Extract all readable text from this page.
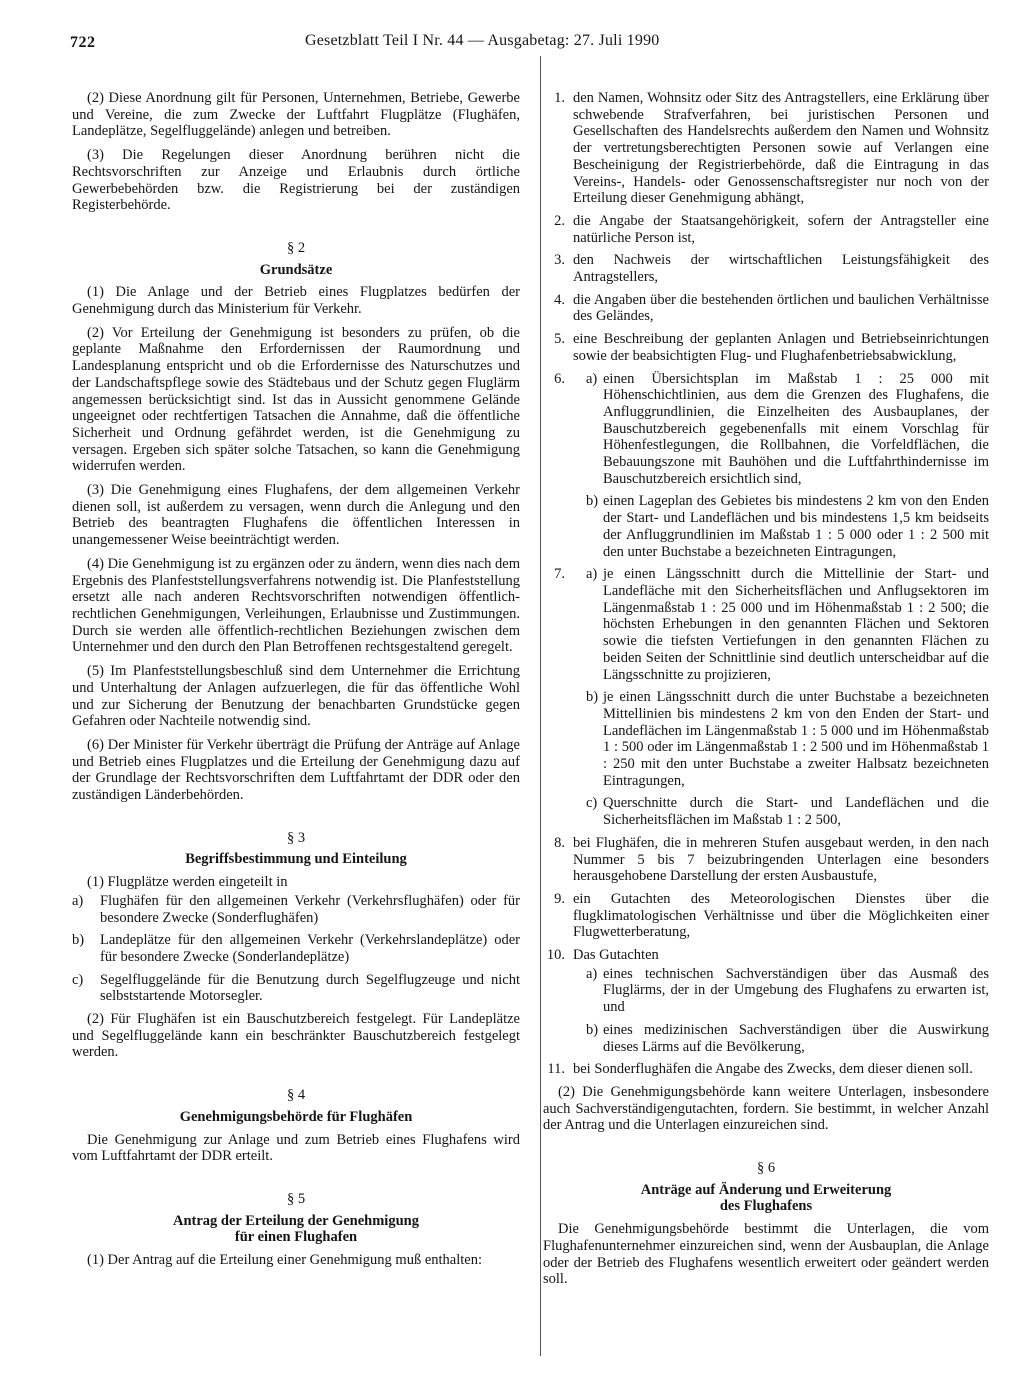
722	Gesetzblatt Teil I Nr. 44 — Ausgabetag: 27. Juli 1990

(2) Diese Anordnung gilt für Personen, Unternehmen, Betriebe, Gewerbe und Vereine, die zum Zwecke der Luftfahrt Flugplätze (Flughäfen, Landeplätze, Segelfluggelände) anlegen und betreiben.

(3) Die Regelungen dieser Anordnung berühren nicht die Rechtsvorschriften zur Anzeige und Erlaubnis durch örtliche Gewerbebehörden bzw. die Registrierung bei der zuständigen Registerbehörde.

§ 2
Grundsätze

(1) Die Anlage und der Betrieb eines Flugplatzes bedürfen der Genehmigung durch das Ministerium für Verkehr.

(2) Vor Erteilung der Genehmigung ist besonders zu prüfen, ob die geplante Maßnahme den Erfordernissen der Raumordnung und Landesplanung entspricht und ob die Erfordernisse des Naturschutzes und der Landschaftspflege sowie des Städtebaus und der Schutz gegen Fluglärm angemessen berücksichtigt sind. Ist das in Aussicht genommene Gelände ungeeignet oder rechtfertigen Tatsachen die Annahme, daß die öffentliche Sicherheit und Ordnung gefährdet werden, ist die Genehmigung zu versagen. Ergeben sich später solche Tatsachen, so kann die Genehmigung widerrufen werden.

(3) Die Genehmigung eines Flughafens, der dem allgemeinen Verkehr dienen soll, ist außerdem zu versagen, wenn durch die Anlegung und den Betrieb des beantragten Flughafens die öffentlichen Interessen in unangemessener Weise beeinträchtigt werden.

(4) Die Genehmigung ist zu ergänzen oder zu ändern, wenn dies nach dem Ergebnis des Planfeststellungsverfahrens notwendig ist. Die Planfeststellung ersetzt alle nach anderen Rechtsvorschriften notwendigen öffentlich-rechtlichen Genehmigungen, Verleihungen, Erlaubnisse und Zustimmungen. Durch sie werden alle öffentlich-rechtlichen Beziehungen zwischen dem Unternehmer und den durch den Plan Betroffenen rechtsgestaltend geregelt.

(5) Im Planfeststellungsbeschluß sind dem Unternehmer die Errichtung und Unterhaltung der Anlagen aufzuerlegen, die für das öffentliche Wohl und zur Sicherung der Benutzung der benachbarten Grundstücke gegen Gefahren oder Nachteile notwendig sind.

(6) Der Minister für Verkehr überträgt die Prüfung der Anträge auf Anlage und Betrieb eines Flugplatzes und die Erteilung der Genehmigung dazu auf der Grundlage der Rechtsvorschriften dem Luftfahrtamt der DDR oder den zuständigen Länderbehörden.

§ 3
Begriffsbestimmung und Einteilung

(1) Flugplätze werden eingeteilt in

a) Flughäfen für den allgemeinen Verkehr (Verkehrsflughäfen) oder für besondere Zwecke (Sonderflughäfen)
b) Landeplätze für den allgemeinen Verkehr (Verkehrslandeplätze) oder für besondere Zwecke (Sonderlandeplätze)
c) Segelfluggelände für die Benutzung durch Segelflugzeuge und nicht selbststartende Motorsegler.

(2) Für Flughäfen ist ein Bauschutzbereich festgelegt. Für Landeplätze und Segelfluggelände kann ein beschränkter Bauschutzbereich festgelegt werden.

§ 4
Genehmigungsbehörde für Flughäfen

Die Genehmigung zur Anlage und zum Betrieb eines Flughafens wird vom Luftfahrtamt der DDR erteilt.

§ 5
Antrag der Erteilung der Genehmigung
für einen Flughafen

(1) Der Antrag auf die Erteilung einer Genehmigung muß enthalten:

1. den Namen, Wohnsitz oder Sitz des Antragstellers, eine Erklärung über schwebende Strafverfahren, bei juristischen Personen und Gesellschaften des Handelsrechts außerdem den Namen und Wohnsitz der vertretungsberechtigten Personen sowie auf Verlangen eine Bescheinigung der Registrierbehörde, daß die Eintragung in das Vereins-, Handels- oder Genossenschaftsregister nur noch von der Erteilung dieser Genehmigung abhängt,
2. die Angabe der Staatsangehörigkeit, sofern der Antragsteller eine natürliche Person ist,
3. den Nachweis der wirtschaftlichen Leistungsfähigkeit des Antragstellers,
4. die Angaben über die bestehenden örtlichen und baulichen Verhältnisse des Geländes,
5. eine Beschreibung der geplanten Anlagen und Betriebseinrichtungen sowie der beabsichtigten Flug- und Flughafenbetriebsabwicklung,
6. a) einen Übersichtsplan im Maßstab 1 : 25 000 mit Höhenschichtlinien, aus dem die Grenzen des Flughafens, die Anfluggrundlinien, die Einzelheiten des Ausbauplanes, der Bauschutzbereich gegebenenfalls mit einem Vorschlag für Höhenfestlegungen, die Rollbahnen, die Vorfeldflächen, die Bebauungszone mit Bauhöhen und die Luftfahrthindernisse im Bauschutzbereich ersichtlich sind,
b) einen Lageplan des Gebietes bis mindestens 2 km von den Enden der Start- und Landeflächen und bis mindestens 1,5 km beidseits der Anfluggrundlinien im Maßstab 1 : 5 000 oder 1 : 2 500 mit den unter Buchstabe a bezeichneten Eintragungen,
7. a) je einen Längsschnitt durch die Mittellinie der Start- und Landefläche mit den Sicherheitsflächen und Anflugsektoren im Längenmaßstab 1 : 25 000 und im Höhenmaßstab 1 : 2 500; die höchsten Erhebungen in den genannten Flächen und Sektoren sowie die tiefsten Vertiefungen in den genannten Flächen zu beiden Seiten der Schnittlinie sind deutlich unterscheidbar auf die Längsschnitte zu projizieren,
b) je einen Längsschnitt durch die unter Buchstabe a bezeichneten Mittellinien bis mindestens 2 km von den Enden der Start- und Landeflächen im Längenmaßstab 1 : 5 000 und im Höhenmaßstab 1 : 500 oder im Längenmaßstab 1 : 2 500 und im Höhenmaßstab 1 : 250 mit den unter Buchstabe a zweiter Halbsatz bezeichneten Eintragungen,
c) Querschnitte durch die Start- und Landeflächen und die Sicherheitsflächen im Maßstab 1 : 2 500,
8. bei Flughäfen, die in mehreren Stufen ausgebaut werden, in den nach Nummer 5 bis 7 beizubringenden Unterlagen eine besonders herausgehobene Darstellung der ersten Ausbaustufe,
9. ein Gutachten des Meteorologischen Dienstes über die flugklimatologischen Verhältnisse und über die Möglichkeiten einer Flugwetterberatung,
10. Das Gutachten
a) eines technischen Sachverständigen über das Ausmaß des Fluglärms, der in der Umgebung des Flughafens zu erwarten ist, und
b) eines medizinischen Sachverständigen über die Auswirkung dieses Lärms auf die Bevölkerung,
11. bei Sonderflughäfen die Angabe des Zwecks, dem dieser dienen soll.

(2) Die Genehmigungsbehörde kann weitere Unterlagen, insbesondere auch Sachverständigengutachten, fordern. Sie bestimmt, in welcher Anzahl der Antrag und die Unterlagen einzureichen sind.

§ 6
Anträge auf Änderung und Erweiterung
des Flughafens

Die Genehmigungsbehörde bestimmt die Unterlagen, die vom Flughafenunternehmer einzureichen sind, wenn der Ausbauplan, die Anlage oder der Betrieb des Flughafens wesentlich erweitert oder geändert werden soll.
